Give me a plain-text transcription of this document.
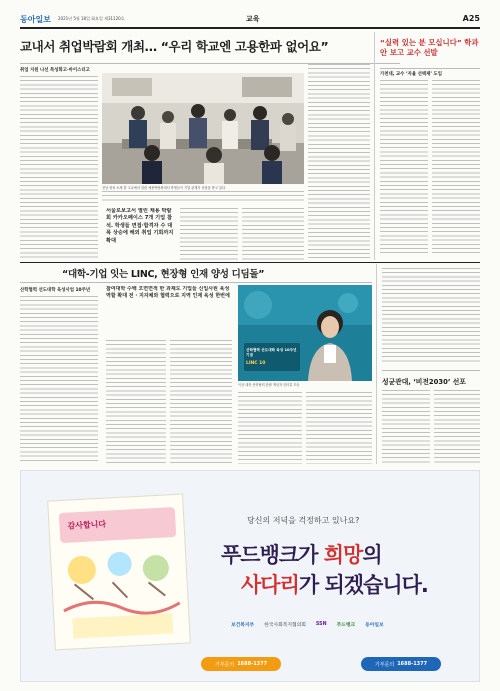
동아일보 2021년 5월 18일 화요일 제31120호	교육	A25
교내서 취업박람회 개최… “우리 학교엔 고용한파 없어요”
취업 지원 나선 특성화고·마이스터고
전남 장성 소재 한 고교에서 열린 채용박람회에서 학생들이 기업 관계자 상담을 받고 있다.
서울로보고서 열린 채용 박람회 카카오페이스 7개 기업 참석. 학생들 면접·합격자 수 대폭 상승에 해외 취업 기회까지 확대
“실력 있는 분 모십니다” 학과 안 보고 교수 선발
가천대, 교수 ‘자율 선택제’ 도입
“대학-기업 잇는 LINC, 현장형 인재 양성 디딤돌”
산학협력 선도대학 육성사업 10주년	참여대학 수백 오면면적 한 과제도 기업들 신입사원 육성 역할 확대 전 · 지자체와 협력으로 지역 인재 육성 한번에
산학협력 선도대학 육성 10주년 기념
LINC 10
이상 대학 산학협력 총괄 책임자 인터뷰 모습	성균관대, ‘비전2030’ 선포
감사합니다	당신의 저녁을 걱정하고 있나요?
푸드뱅크가 희망의
사다리가 되겠습니다.
보건복지부 한국사회복지협의회 SSN 푸드뱅크 동아일보
기부문의 1688-1377	기부문의 1688-1377
